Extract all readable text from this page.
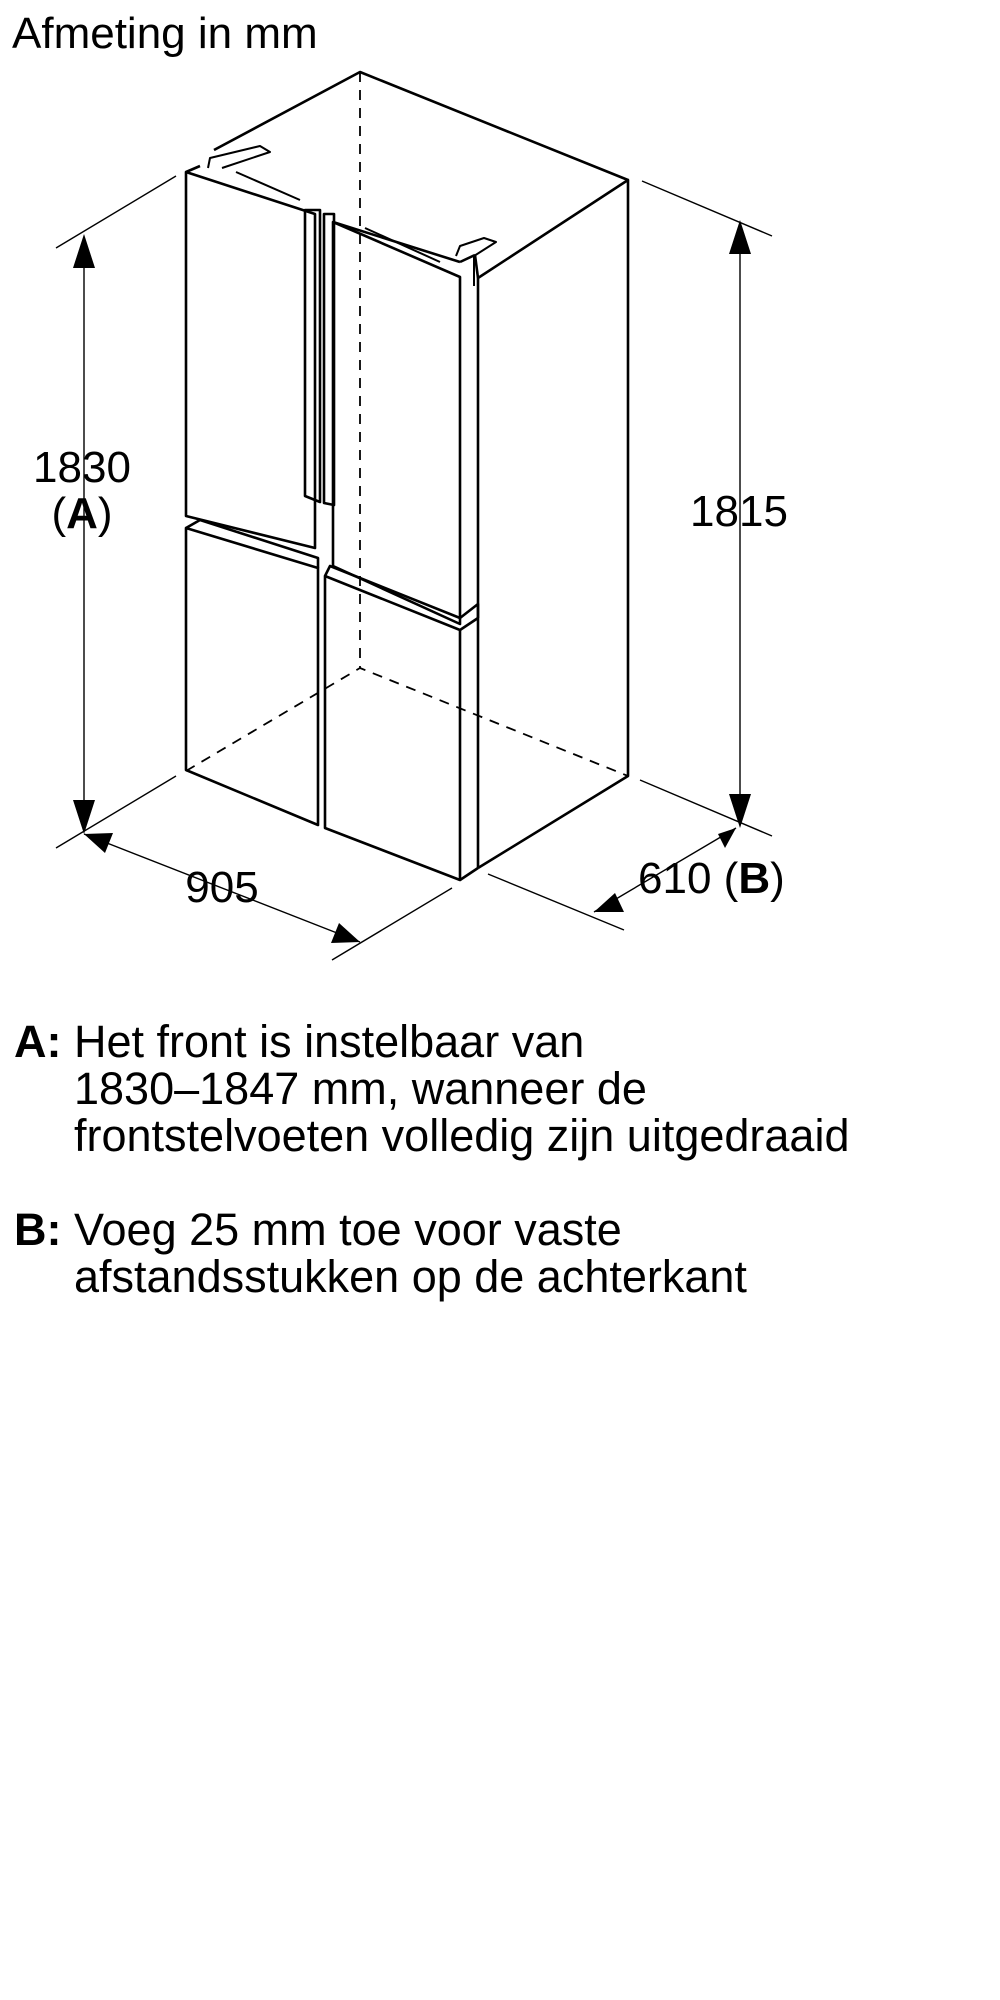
Afmeting in mm
1830
(A)	1815
905	610 (B)
A: Het front is instelbaar van
1830–1847 mm, wanneer de
frontstelvoeten volledig zijn uitgedraaid
B: Voeg 25 mm toe voor vaste
afstandsstukken op de achterkant
